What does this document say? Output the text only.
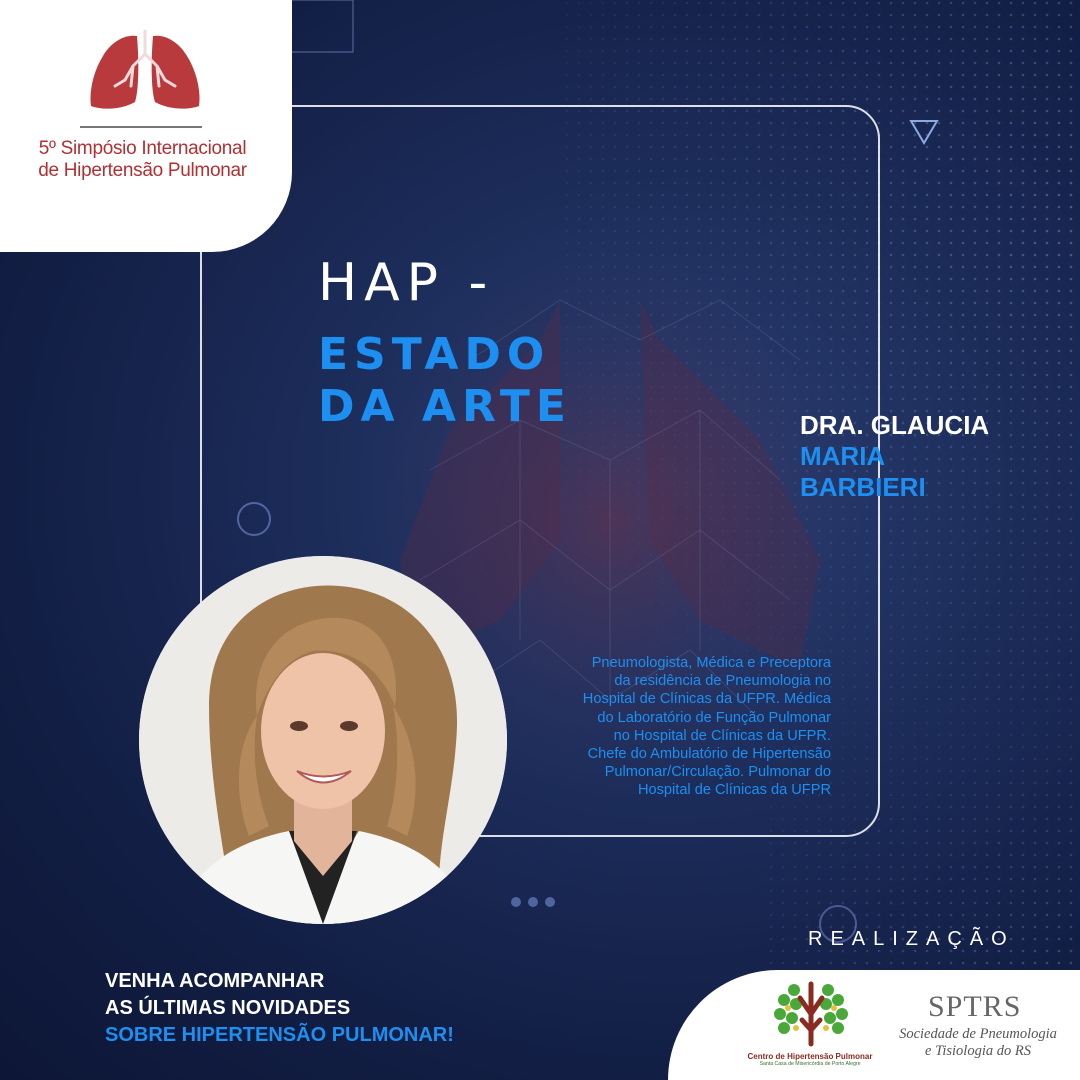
5º Simpósio Internacional
de Hipertensão Pulmonar
HAP -
ESTADO
DA ARTE	DRA. GLAUCIA
MARIA
BARBIERI
Pneumologista, Médica e Preceptora
da residência de Pneumologia no
Hospital de Clínicas da UFPR. Médica
do Laboratório de Função Pulmonar
no Hospital de Clínicas da UFPR.
Chefe do Ambulatório de Hipertensão
Pulmonar/Circulação. Pulmonar do
Hospital de Clínicas da UFPR
REALIZAÇÃO
VENHA ACOMPANHAR
AS ÚLTIMAS NOVIDADES
SOBRE HIPERTENSÃO PULMONAR!
Centro de Hipertensão Pulmonar
Santa Casa de Misericórdia de Porto Alegre
SPTRS
Sociedade de Pneumologia
e Tisiologia do RS
